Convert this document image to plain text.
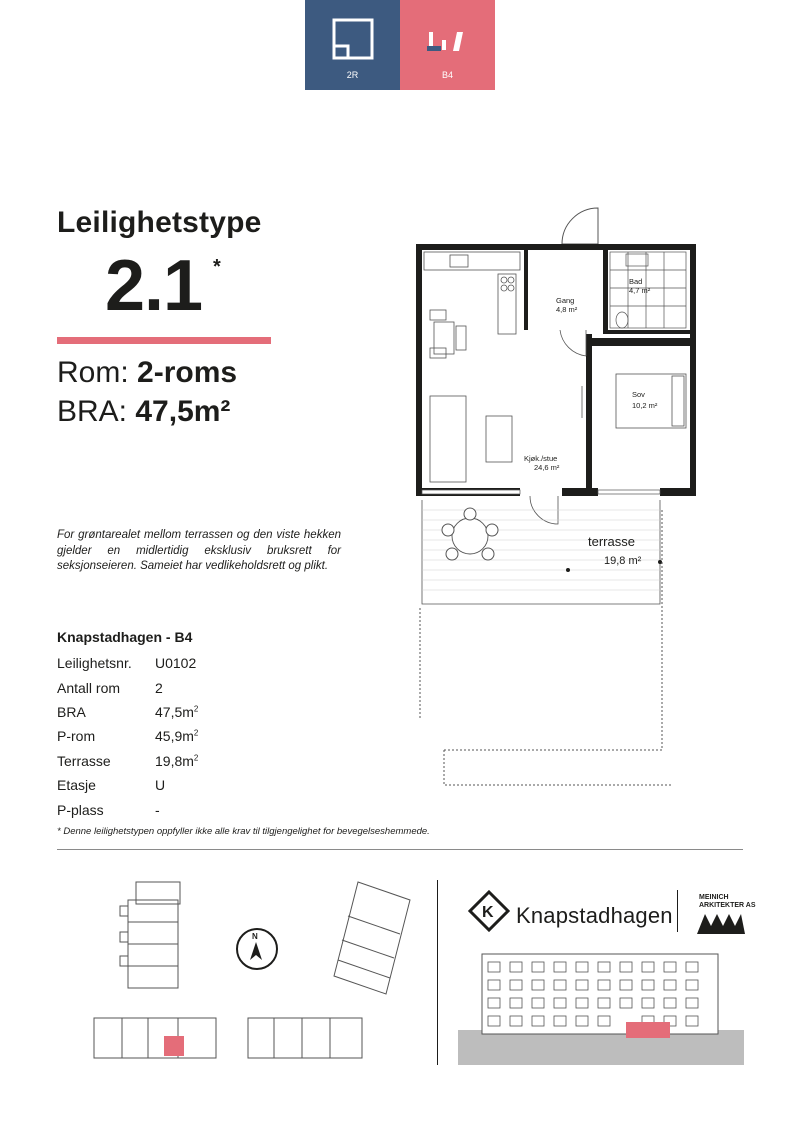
2R	B4
Leilighetstype
2.1 *
Rom: 2-roms
BRA: 47,5m²
Gang
4,8 m²
Bad
4,7 m²
Sov
10,2 m²
Kjøk./stue
24,6 m²
terrasse
19,8 m²
For grøntarealet mellom terrassen og den viste hekken gjelder en midlertidig eksklusiv bruksrett for seksjonseieren. Sameiet har vedlikeholdsrett og plikt.
Knapstadhagen - B4
Leilighetsnr.	U0102
Antall rom	2
BRA	$47,5m^2$
P-rom	$45,9m^2$
Terrasse	$19,8m^2$
Etasje	U
P-plass	-
* Denne leilighetstypen oppfyller ikke alle krav til tilgjengelighet for bevegelseshemmede.
N
K Knapstadhagen
MEINICH
ARKITEKTER AS
